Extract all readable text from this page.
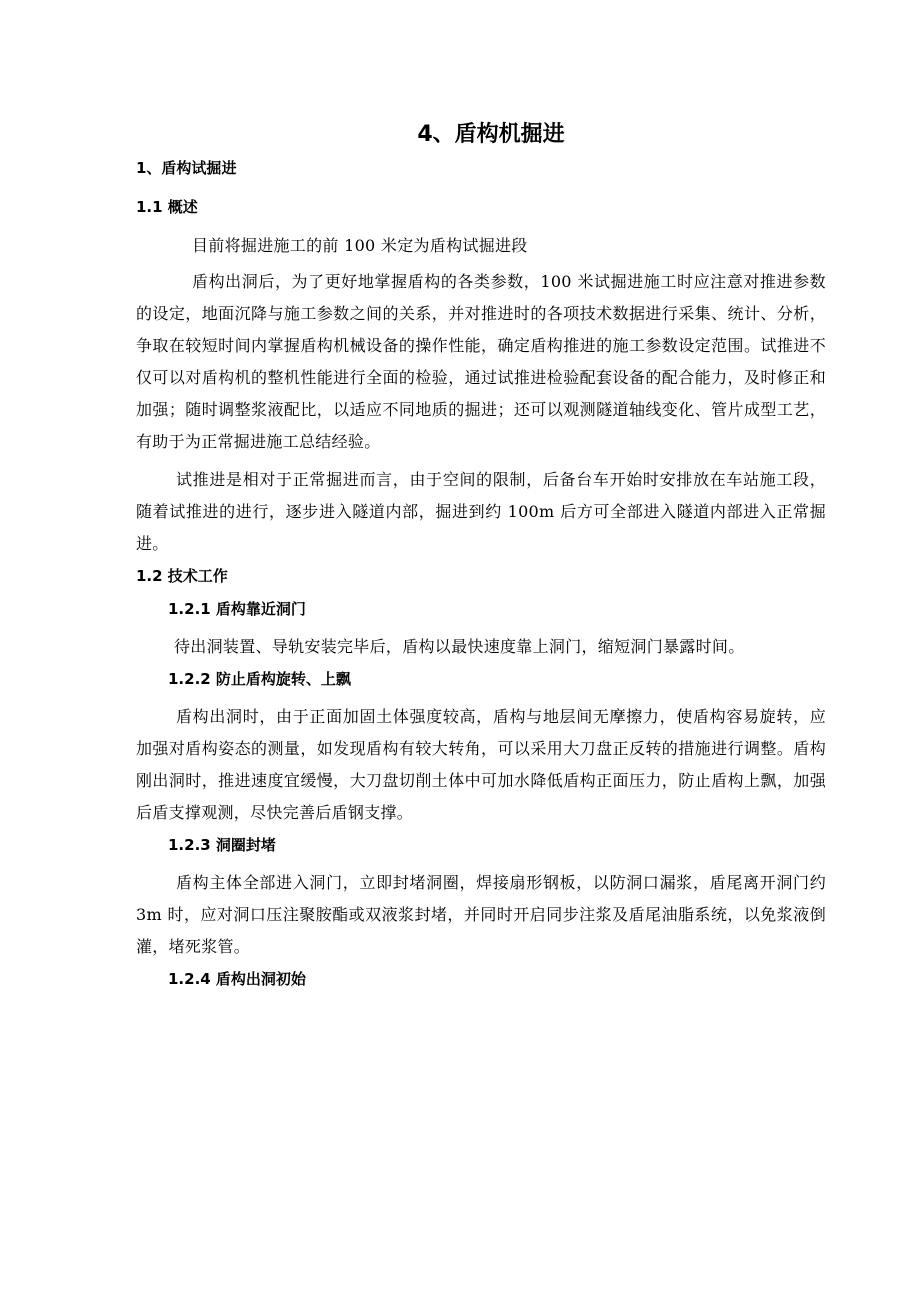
4、盾构机掘进
1、盾构试掘进
1.1 概述

目前将掘进施工的前 100 米定为盾构试掘进段

盾构出洞后，为了更好地掌握盾构的各类参数，100 米试掘进施工时应注意对推进参数的设定，地面沉降与施工参数之间的关系，并对推进时的各项技术数据进行采集、统计、分析，争取在较短时间内掌握盾构机械设备的操作性能，确定盾构推进的施工参数设定范围。试推进不仅可以对盾构机的整机性能进行全面的检验，通过试推进检验配套设备的配合能力，及时修正和加强；随时调整浆液配比，以适应不同地质的掘进；还可以观测隧道轴线变化、管片成型工艺，有助于为正常掘进施工总结经验。

试推进是相对于正常掘进而言，由于空间的限制，后备台车开始时安排放在车站施工段，随着试推进的进行，逐步进入隧道内部，掘进到约 100m 后方可全部进入隧道内部进入正常掘进。

1.2 技术工作
1.2.1 盾构靠近洞门

待出洞装置、导轨安装完毕后，盾构以最快速度靠上洞门，缩短洞门暴露时间。

1.2.2 防止盾构旋转、上飘

盾构出洞时，由于正面加固土体强度较高，盾构与地层间无摩擦力，使盾构容易旋转，应加强对盾构姿态的测量，如发现盾构有较大转角，可以采用大刀盘正反转的措施进行调整。盾构刚出洞时，推进速度宜缓慢，大刀盘切削土体中可加水降低盾构正面压力，防止盾构上飘，加强后盾支撑观测，尽快完善后盾钢支撑。

1.2.3 洞圈封堵

盾构主体全部进入洞门，立即封堵洞圈，焊接扇形钢板，以防洞口漏浆，盾尾离开洞门约 3m 时，应对洞口压注聚胺酯或双液浆封堵，并同时开启同步注浆及盾尾油脂系统，以免浆液倒灌，堵死浆管。

1.2.4 盾构出洞初始
